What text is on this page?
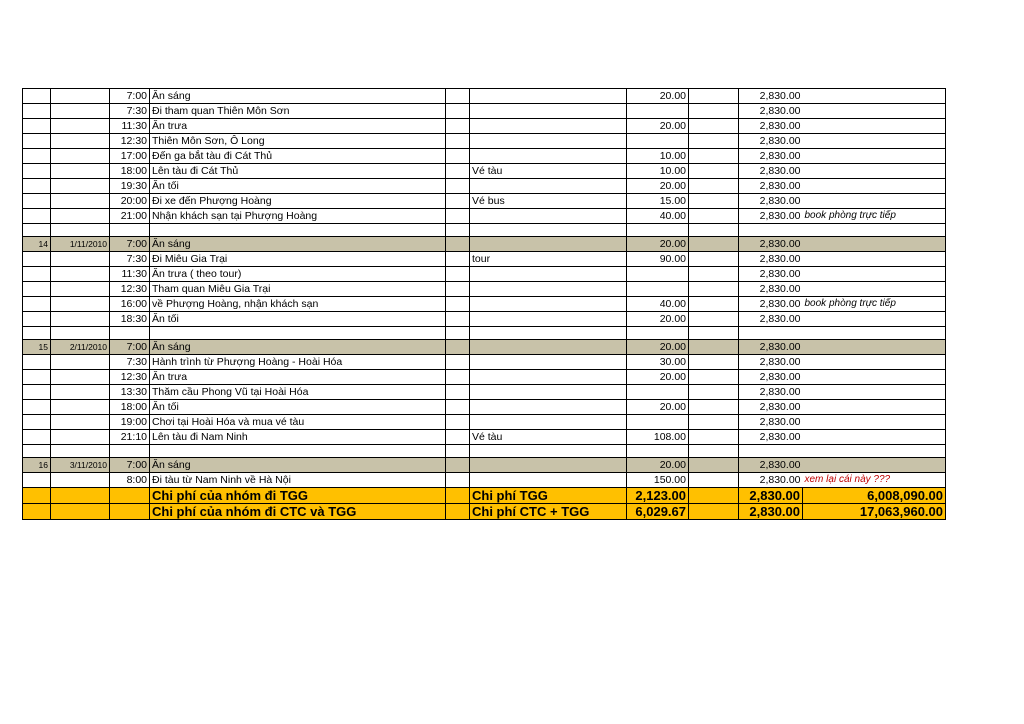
		7:00	Ăn sáng			20.00		2,830.00	
		7:30	Đi tham quan Thiên Môn Sơn					2,830.00	
		11:30	Ăn trưa			20.00		2,830.00	
		12:30	Thiên Môn Sơn, Ô Long					2,830.00	
		17:00	Đến ga bắt tàu đi Cát Thủ			10.00		2,830.00	
		18:00	Lên tàu đi Cát Thủ		Vé tàu	10.00		2,830.00	
		19:30	Ăn tối			20.00		2,830.00	
		20:00	Đi xe đến Phượng Hoàng		Vé bus	15.00		2,830.00	
		21:00	Nhận khách sạn tại Phượng Hoàng			40.00		2,830.00	book phòng trực tiếp

14	1/11/2010	7:00	Ăn sáng			20.00		2,830.00	
		7:30	Đi Miêu Gia Trại		tour	90.00		2,830.00	
		11:30	Ăn trưa ( theo tour)					2,830.00	
		12:30	Tham quan Miêu Gia Trại					2,830.00	
		16:00	về Phượng Hoàng, nhận khách sạn			40.00		2,830.00	book phòng trực tiếp
		18:30	Ăn tối			20.00		2,830.00	

15	2/11/2010	7:00	Ăn sáng			20.00		2,830.00	
		7:30	Hành trình từ Phượng Hoàng - Hoài Hóa			30.00		2,830.00	
		12:30	Ăn trưa			20.00		2,830.00	
		13:30	Thăm cầu Phong Vũ tại Hoài Hóa					2,830.00	
		18:00	Ăn tối			20.00		2,830.00	
		19:00	Chơi tại Hoài Hóa và mua vé tàu					2,830.00	
		21:10	Lên tàu đi Nam Ninh		Vé tàu	108.00		2,830.00	

16	3/11/2010	7:00	Ăn sáng			20.00		2,830.00	
		8:00	Đi tàu từ Nam Ninh về Hà Nội			150.00		2,830.00	xem lại cái này ???
			Chi phí của nhóm đi TGG		Chi phí TGG	2,123.00		2,830.00	6,008,090.00
			Chi phí của nhóm đi CTC và TGG		Chi phí CTC + TGG	6,029.67		2,830.00	17,063,960.00
